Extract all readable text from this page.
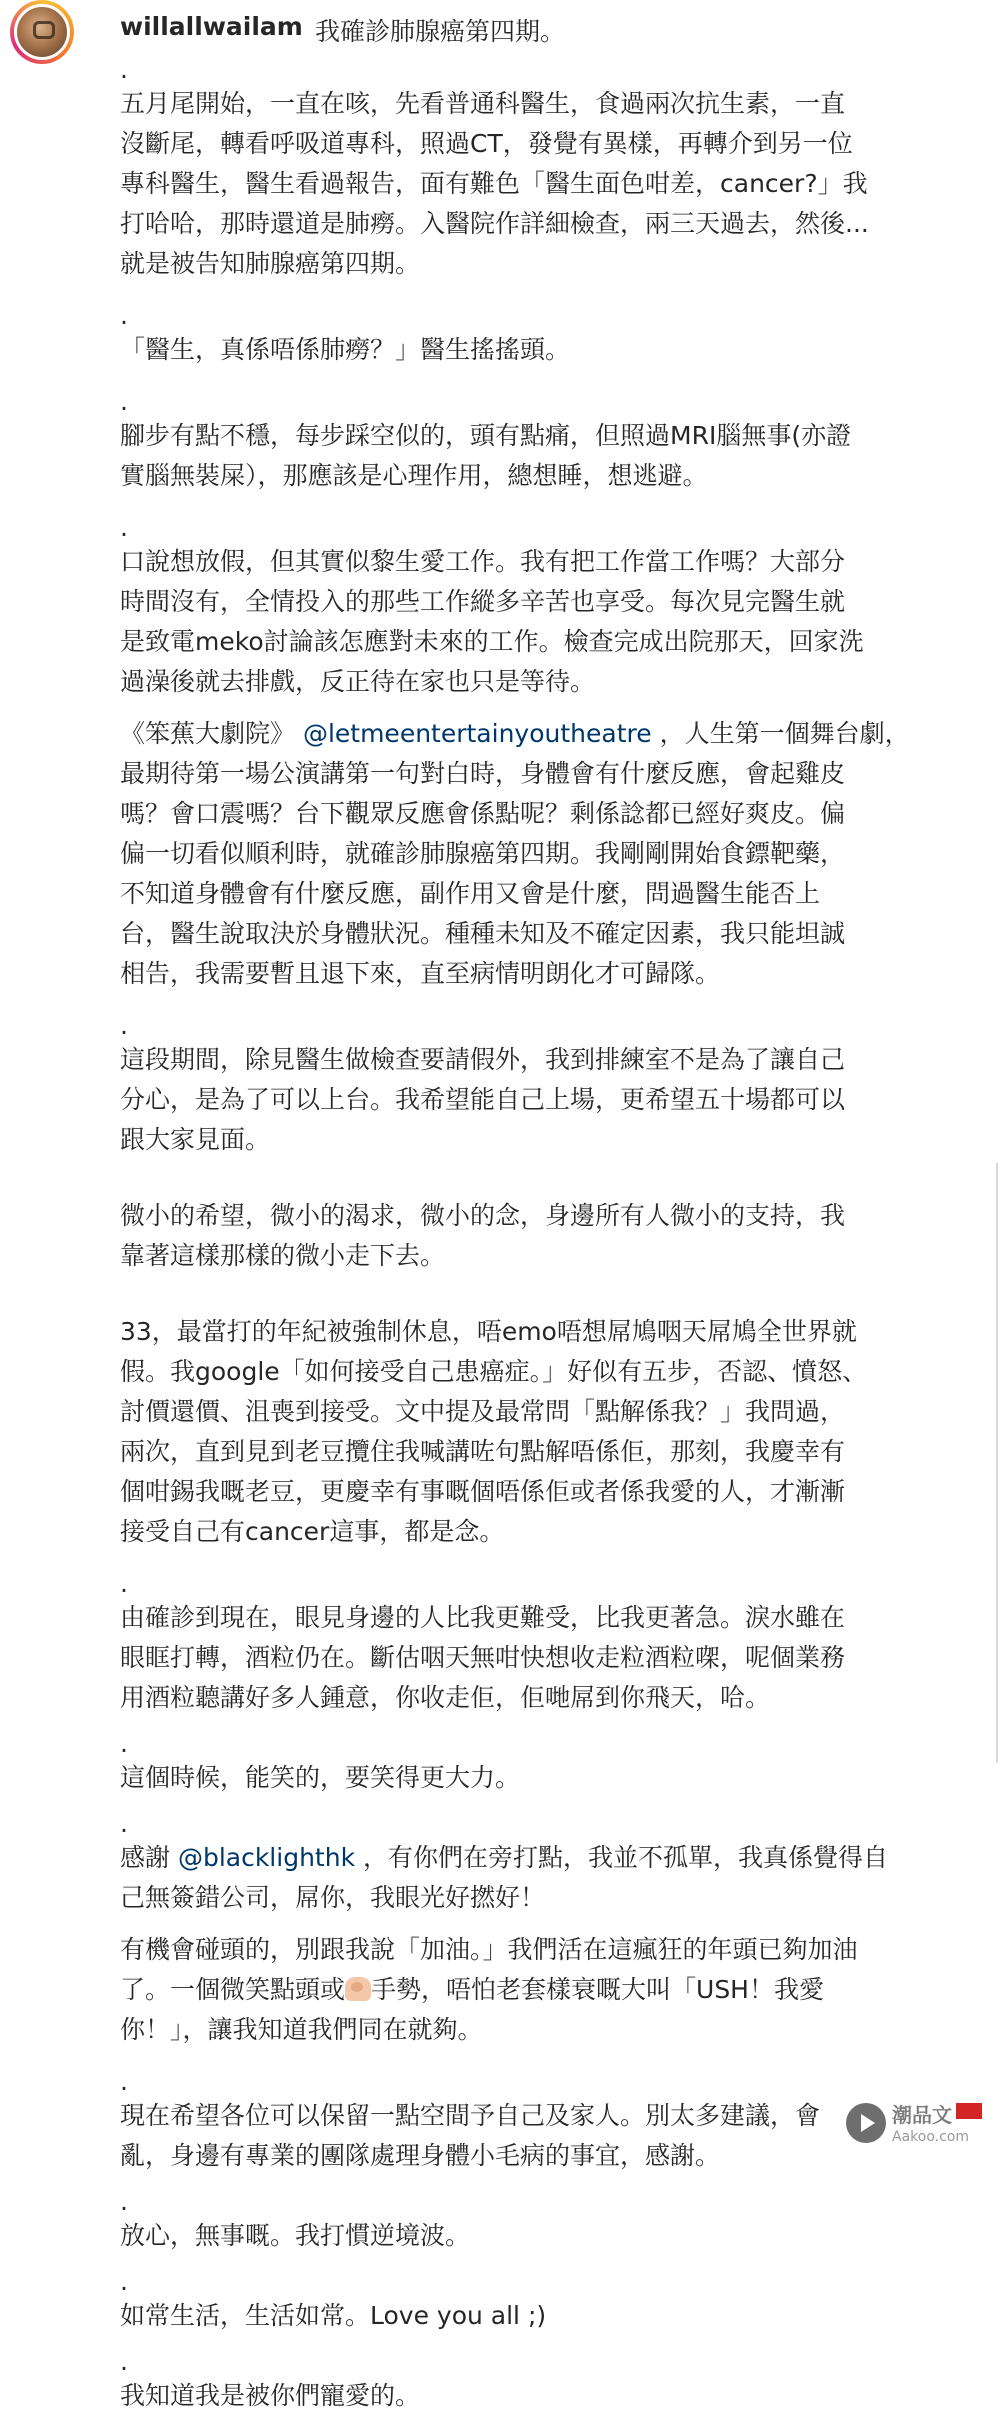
willallwailam 我確診肺腺癌第四期。
.
五月尾開始，一直在咳，先看普通科醫生，食過兩次抗生素，一直
沒斷尾，轉看呼吸道專科，照過CT，發覺有異樣，再轉介到另一位
專科醫生，醫生看過報告，面有難色「醫生面色咁差，cancer?」我
打哈哈，那時還道是肺癆。入醫院作詳細檢查，兩三天過去，然後...
就是被告知肺腺癌第四期。
.
「醫生，真係唔係肺癆？」醫生搖搖頭。
.
腳步有點不穩，每步踩空似的，頭有點痛，但照過MRI腦無事(亦證
實腦無裝屎），那應該是心理作用，總想睡，想逃避。
.
口說想放假，但其實似黎生愛工作。我有把工作當工作嗎？大部分
時間沒有，全情投入的那些工作縱多辛苦也享受。每次見完醫生就
是致電meko討論該怎應對未來的工作。檢查完成出院那天，回家洗
過澡後就去排戲，反正待在家也只是等待。
《笨蕉大劇院》 @letmeentertainyoutheatre ，人生第一個舞台劇，
最期待第一場公演講第一句對白時，身體會有什麼反應，會起雞皮
嗎？會口震嗎？台下觀眾反應會係點呢？剩係諗都已經好爽皮。偏
偏一切看似順利時，就確診肺腺癌第四期。我剛剛開始食鏢靶藥，
不知道身體會有什麼反應，副作用又會是什麼，問過醫生能否上
台，醫生說取決於身體狀況。種種未知及不確定因素，我只能坦誠
相告，我需要暫且退下來，直至病情明朗化才可歸隊。
.
這段期間，除見醫生做檢查要請假外，我到排練室不是為了讓自己
分心，是為了可以上台。我希望能自己上場，更希望五十場都可以
跟大家見面。
微小的希望，微小的渴求，微小的念，身邊所有人微小的支持，我
靠著這樣那樣的微小走下去。
33，最當打的年紀被強制休息，唔emo唔想屌鳩咽天屌鳩全世界就
假。我google「如何接受自己患癌症。」好似有五步，否認、憤怒、
討價還價、沮喪到接受。文中提及最常問「點解係我？」我問過，
兩次，直到見到老豆攬住我喊講咗句點解唔係佢，那刻，我慶幸有
個咁錫我嘅老豆，更慶幸有事嘅個唔係佢或者係我愛的人，才漸漸
接受自己有cancer這事，都是念。
.
由確診到現在，眼見身邊的人比我更難受，比我更著急。淚水雖在
眼眶打轉，酒粒仍在。斷估咽天無咁快想收走粒酒粒㗎，呢個業務
用酒粒聽講好多人鍾意，你收走佢，佢哋屌到你飛天，哈。
.
這個時候，能笑的，要笑得更大力。
.
感謝 @blacklighthk ，有你們在旁打點，我並不孤單，我真係覺得自
己無簽錯公司，屌你，我眼光好撚好！
有機會碰頭的，別跟我說「加油。」我們活在這瘋狂的年頭已夠加油
了。一個微笑點頭或 手勢，唔怕老套樣衰嘅大叫「USH！我愛
你！」，讓我知道我們同在就夠。
.
現在希望各位可以保留一點空間予自己及家人。別太多建議，會
亂，身邊有專業的團隊處理身體小毛病的事宜，感謝。
.
放心，無事嘅。我打慣逆境波。
.
如常生活，生活如常。Love you all ;)
.
我知道我是被你們寵愛的。
潮品文
Aakoo.com
